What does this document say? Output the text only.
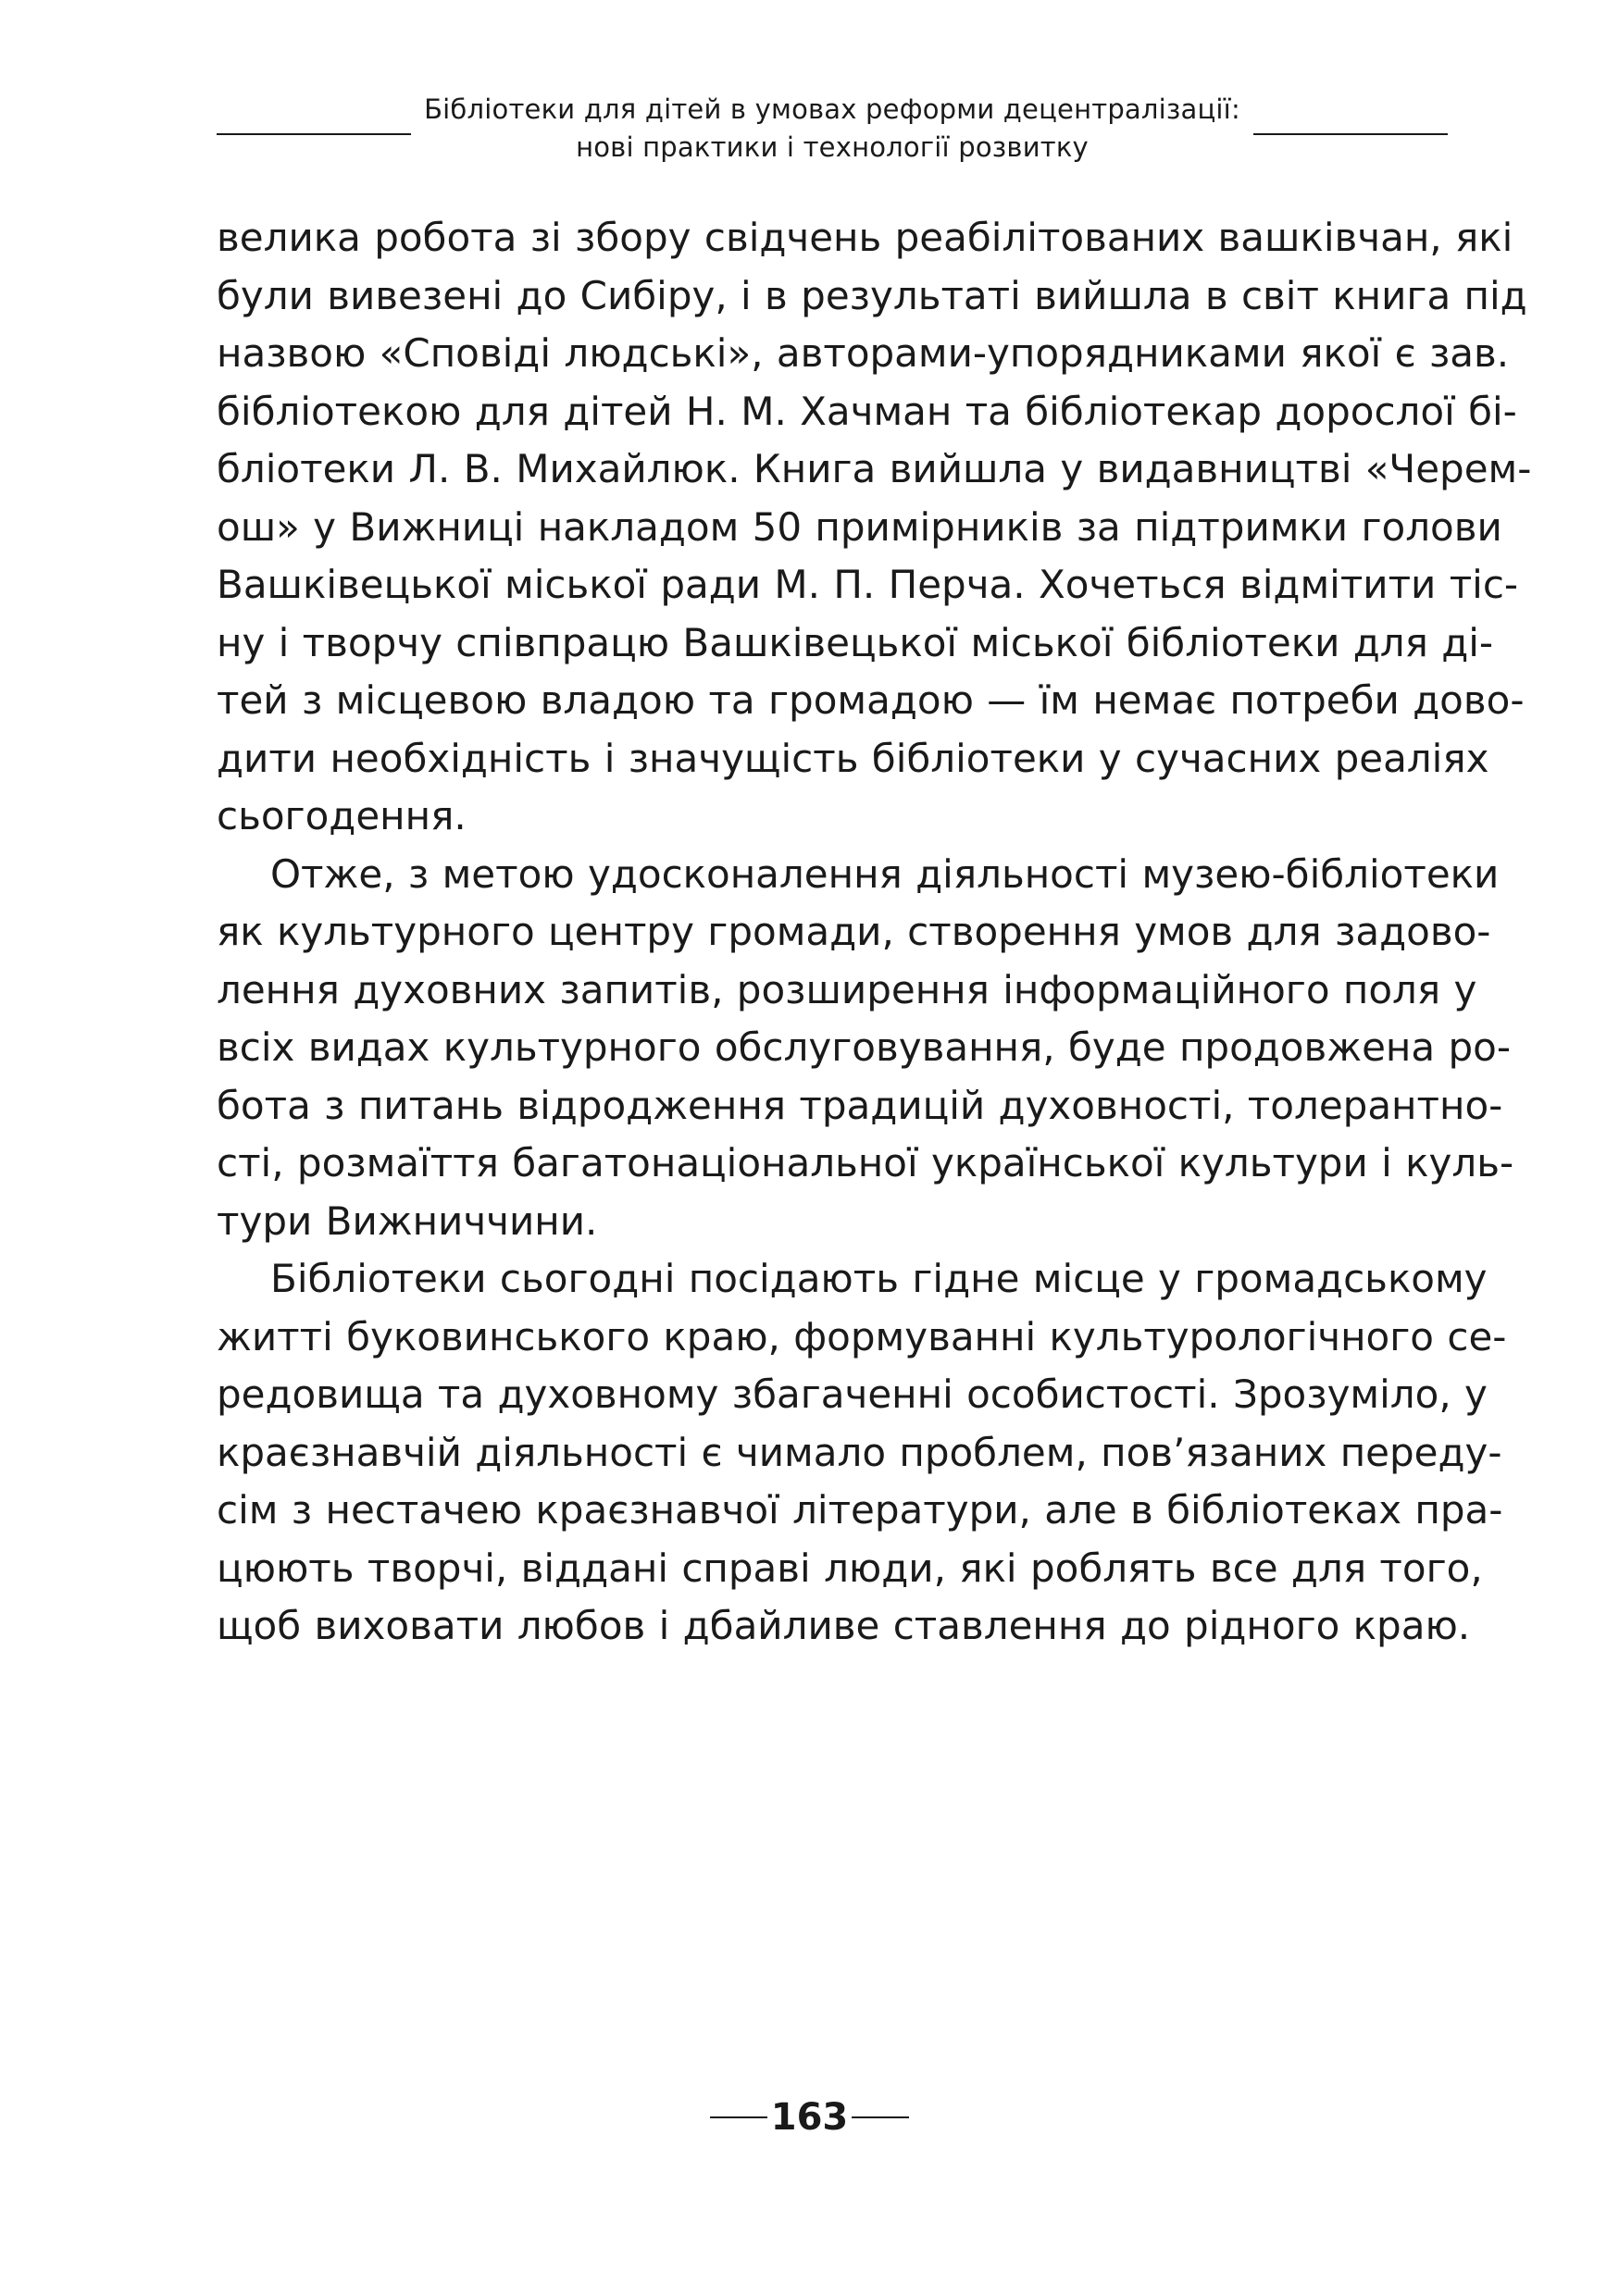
Бібліотеки для дітей в умовах реформи децентралізації:
нові практики і технології розвитку

велика робота зі збору свідчень реабілітованих вашківчан, які
були вивезені до Сибіру, і в результаті вийшла в світ книга під
назвою «Сповіді людські», авторами-упорядниками якої є зав.
бібліотекою для дітей Н. М. Хачман та бібліотекар дорослої бі-
бліотеки Л. В. Михайлюк. Книга вийшла у видавництві «Черем-
ош» у Вижниці накладом 50 примірників за підтримки голови
Вашківецької міської ради М. П. Перча. Хочеться відмітити тіс-
ну і творчу співпрацю Вашківецької міської бібліотеки для ді-
тей з місцевою владою та громадою — їм немає потреби дово-
дити необхідність і значущість бібліотеки у сучасних реаліях
сьогодення.

Отже, з метою удосконалення діяльності музею-бібліотеки
як культурного центру громади, створення умов для задово-
лення духовних запитів, розширення інформаційного поля у
всіх видах культурного обслуговування, буде продовжена ро-
бота з питань відродження традицій духовності, толерантно-
сті, розмаїття багатонаціональної української культури і куль-
тури Вижниччини.

Бібліотеки сьогодні посідають гідне місце у громадському
житті буковинського краю, формуванні культурологічного се-
редовища та духовному збагаченні особистості. Зрозуміло, у
краєзнавчій діяльності є чимало проблем, пов’язаних переду-
сім з нестачею краєзнавчої літератури, але в бібліотеках пра-
цюють творчі, віддані справі люди, які роблять все для того,
щоб виховати любов і дбайливе ставлення до рідного краю.

163
